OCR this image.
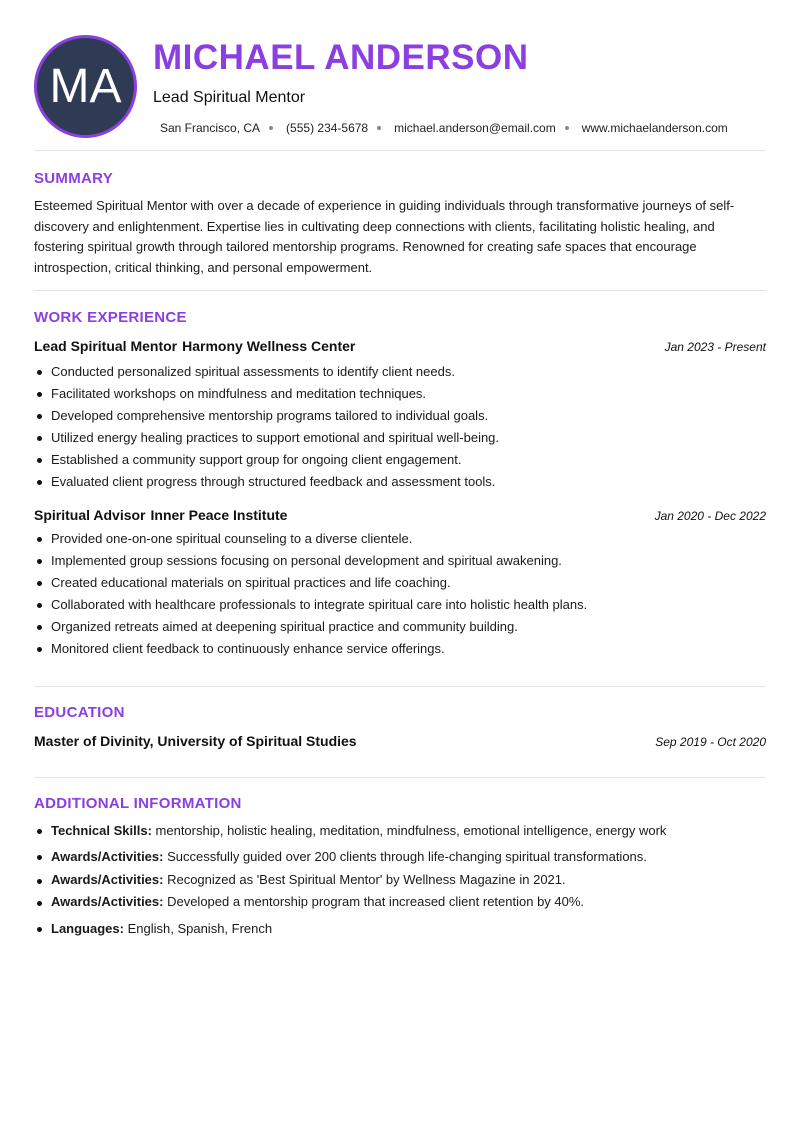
MA
MICHAEL ANDERSON
Lead Spiritual Mentor
San Francisco, CA (555) 234-5678 michael.anderson@email.com www.michaelanderson.com
SUMMARY
Esteemed Spiritual Mentor with over a decade of experience in guiding individuals through transformative journeys of self-discovery and enlightenment. Expertise lies in cultivating deep connections with clients, facilitating holistic healing, and fostering spiritual growth through tailored mentorship programs. Renowned for creating safe spaces that encourage introspection, critical thinking, and personal empowerment.
WORK EXPERIENCE
Lead Spiritual Mentor Harmony Wellness Center	Jan 2023 - Present
Conducted personalized spiritual assessments to identify client needs.
Facilitated workshops on mindfulness and meditation techniques.
Developed comprehensive mentorship programs tailored to individual goals.
Utilized energy healing practices to support emotional and spiritual well-being.
Established a community support group for ongoing client engagement.
Evaluated client progress through structured feedback and assessment tools.
Spiritual Advisor Inner Peace Institute	Jan 2020 - Dec 2022
Provided one-on-one spiritual counseling to a diverse clientele.
Implemented group sessions focusing on personal development and spiritual awakening.
Created educational materials on spiritual practices and life coaching.
Collaborated with healthcare professionals to integrate spiritual care into holistic health plans.
Organized retreats aimed at deepening spiritual practice and community building.
Monitored client feedback to continuously enhance service offerings.
EDUCATION
Master of Divinity, University of Spiritual Studies	Sep 2019 - Oct 2020
ADDITIONAL INFORMATION
Technical Skills: mentorship, holistic healing, meditation, mindfulness, emotional intelligence, energy work
Awards/Activities: Successfully guided over 200 clients through life-changing spiritual transformations.
Awards/Activities: Recognized as 'Best Spiritual Mentor' by Wellness Magazine in 2021.
Awards/Activities: Developed a mentorship program that increased client retention by 40%.
Languages: English, Spanish, French
